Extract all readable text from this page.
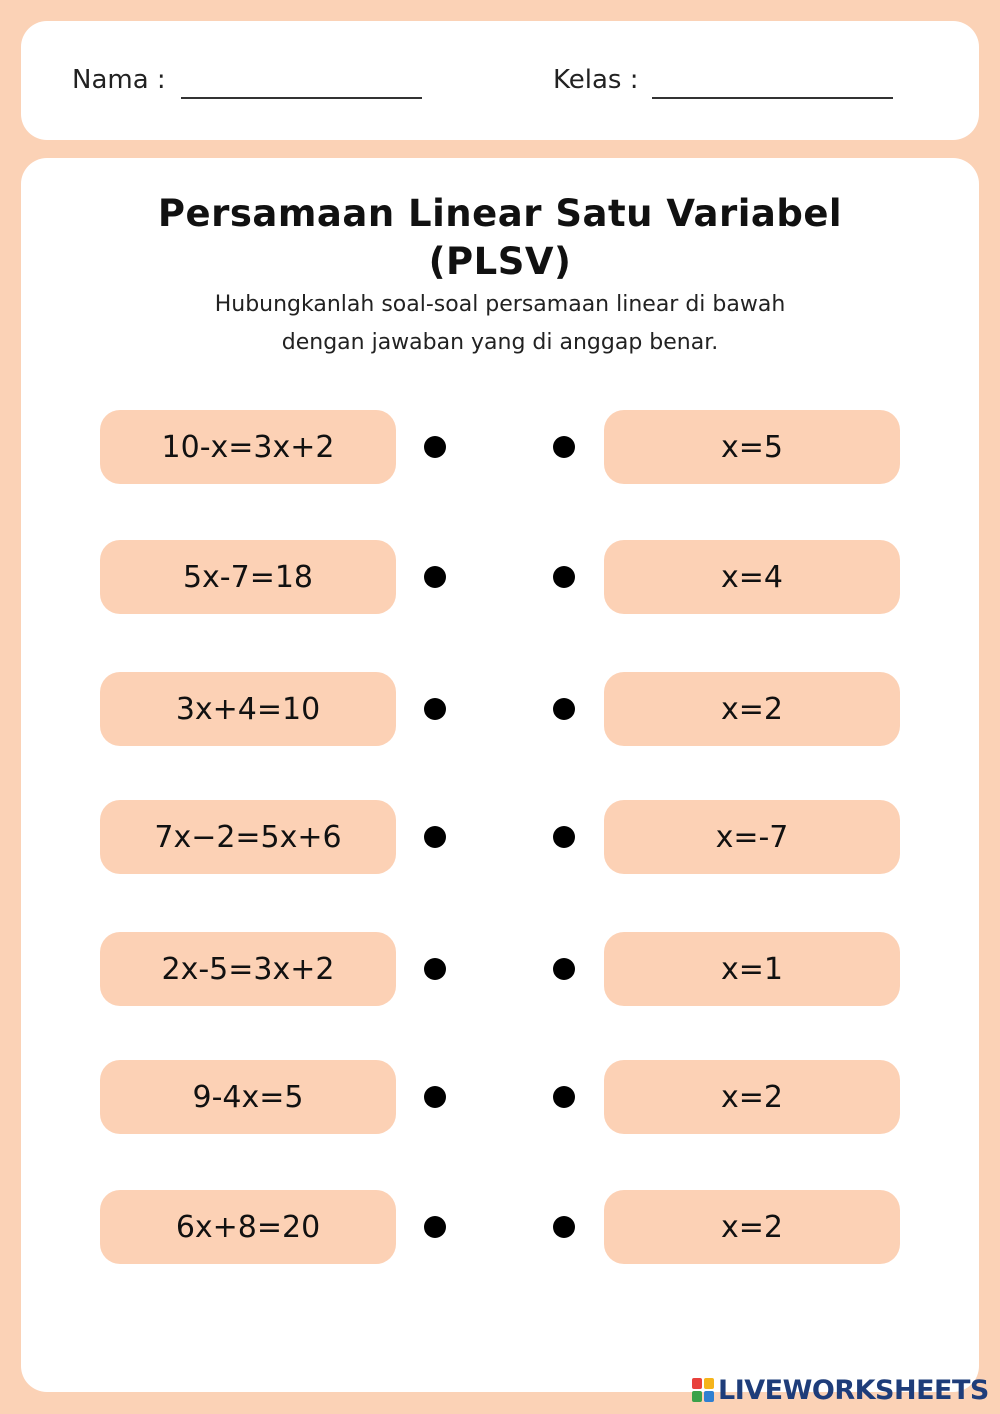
Nama :	Kelas :
Persamaan Linear Satu Variabel
(PLSV)
Hubungkanlah soal-soal persamaan linear di bawah
dengan jawaban yang di anggap benar.
10-x=3x+2	x=5
5x-7=18	x=4
3x+4=10	x=2
7x−2=5x+6	x=-7
2x-5=3x+2	x=1
9-4x=5	x=2
6x+8=20	x=2
LIVEWORKSHEETS
